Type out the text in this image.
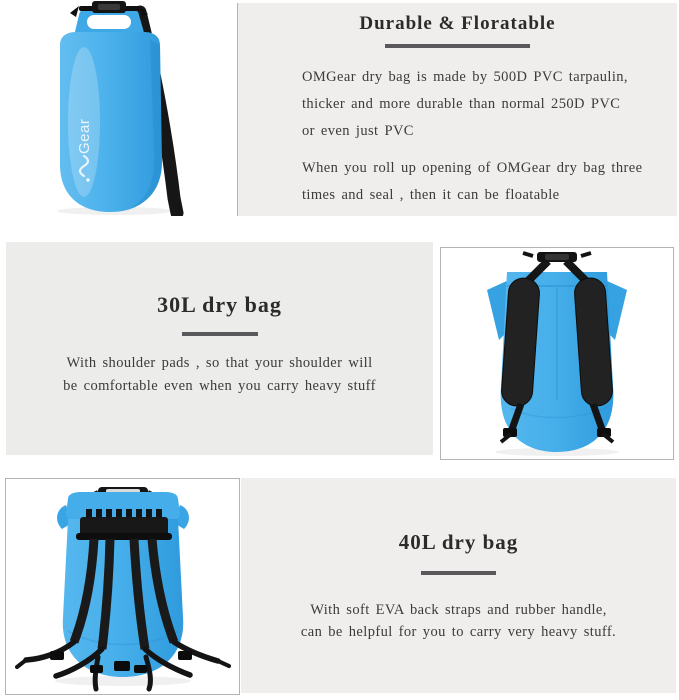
Gear
Durable & Floratable
OMGear dry bag is made by 500D PVC tarpaulin,
thicker and more durable than normal 250D PVC
or even just PVC
When you roll up opening of OMGear dry bag three
times and seal , then it can be floatable
30L dry bag
With shoulder pads , so that your shoulder will
be comfortable even when you carry heavy stuff
40L dry bag
With soft EVA back straps and rubber handle,
can be helpful for you to carry very heavy stuff.
